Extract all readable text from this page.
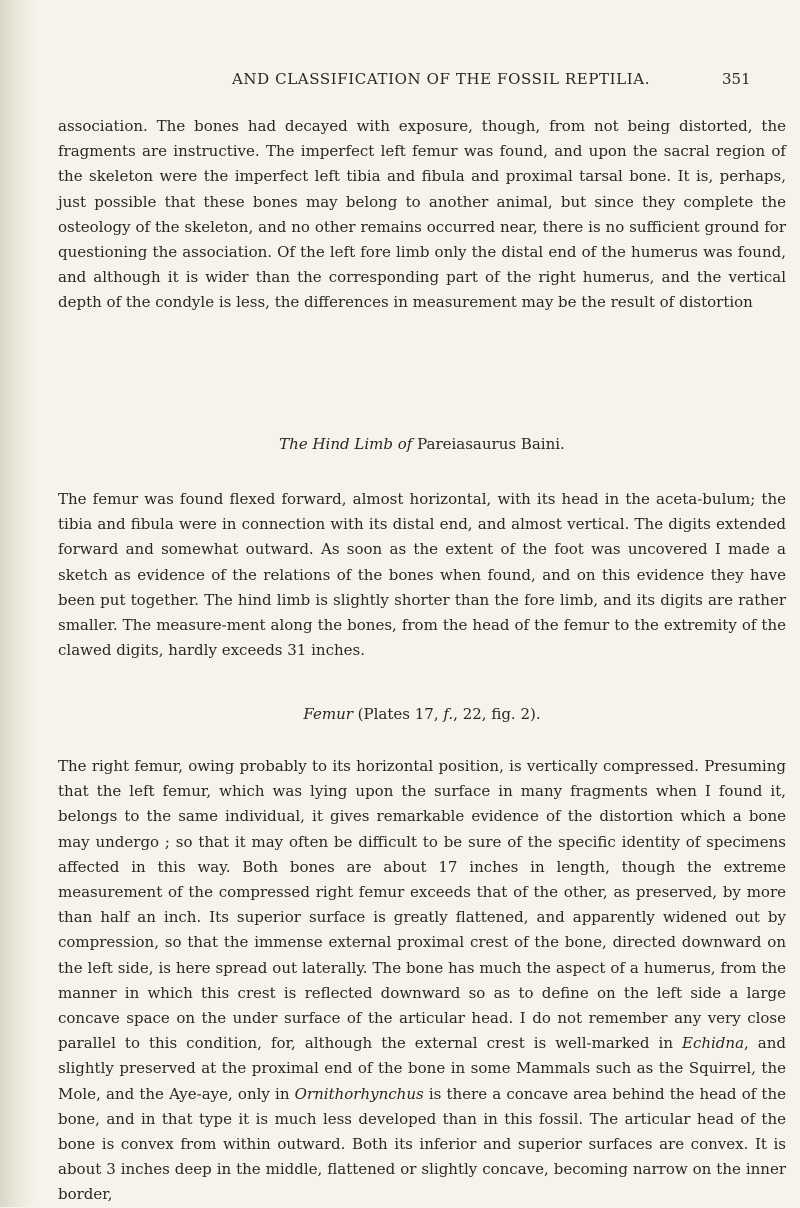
AND CLASSIFICATION OF THE FOSSIL REPTILIA.	351

association. The bones had decayed with exposure, though, from not being distorted, the fragments are instructive. The imperfect left femur was found, and upon the sacral region of the skeleton were the imperfect left tibia and fibula and proximal tarsal bone. It is, perhaps, just possible that these bones may belong to another animal, but since they complete the osteology of the skeleton, and no other remains occurred near, there is no sufficient ground for questioning the association. Of the left fore limb only the distal end of the humerus was found, and although it is wider than the corresponding part of the right humerus, and the vertical depth of the condyle is less, the differences in measurement may be the result of distortion

The Hind Limb of Pareiasaurus Baini.

The femur was found flexed forward, almost horizontal, with its head in the aceta-bulum; the tibia and fibula were in connection with its distal end, and almost vertical. The digits extended forward and somewhat outward. As soon as the extent of the foot was uncovered I made a sketch as evidence of the relations of the bones when found, and on this evidence they have been put together. The hind limb is slightly shorter than the fore limb, and its digits are rather smaller. The measure-ment along the bones, from the head of the femur to the extremity of the clawed digits, hardly exceeds 31 inches.

Femur (Plates 17, f., 22, fig. 2).

The right femur, owing probably to its horizontal position, is vertically compressed. Presuming that the left femur, which was lying upon the surface in many fragments when I found it, belongs to the same individual, it gives remarkable evidence of the distortion which a bone may undergo ; so that it may often be difficult to be sure of the specific identity of specimens affected in this way. Both bones are about 17 inches in length, though the extreme measurement of the compressed right femur exceeds that of the other, as preserved, by more than half an inch. Its superior surface is greatly flattened, and apparently widened out by compression, so that the immense external proximal crest of the bone, directed downward on the left side, is here spread out laterally. The bone has much the aspect of a humerus, from the manner in which this crest is reflected downward so as to define on the left side a large concave space on the under surface of the articular head. I do not remember any very close parallel to this condition, for, although the external crest is well-marked in Echidna, and slightly preserved at the proximal end of the bone in some Mammals such as the Squirrel, the Mole, and the Aye-aye, only in Ornithorhynchus is there a concave area behind the head of the bone, and in that type it is much less developed than in this fossil. The articular head of the bone is convex from within outward. Both its inferior and superior surfaces are convex. It is about 3 inches deep in the middle, flattened or slightly concave, becoming narrow on the inner border,
